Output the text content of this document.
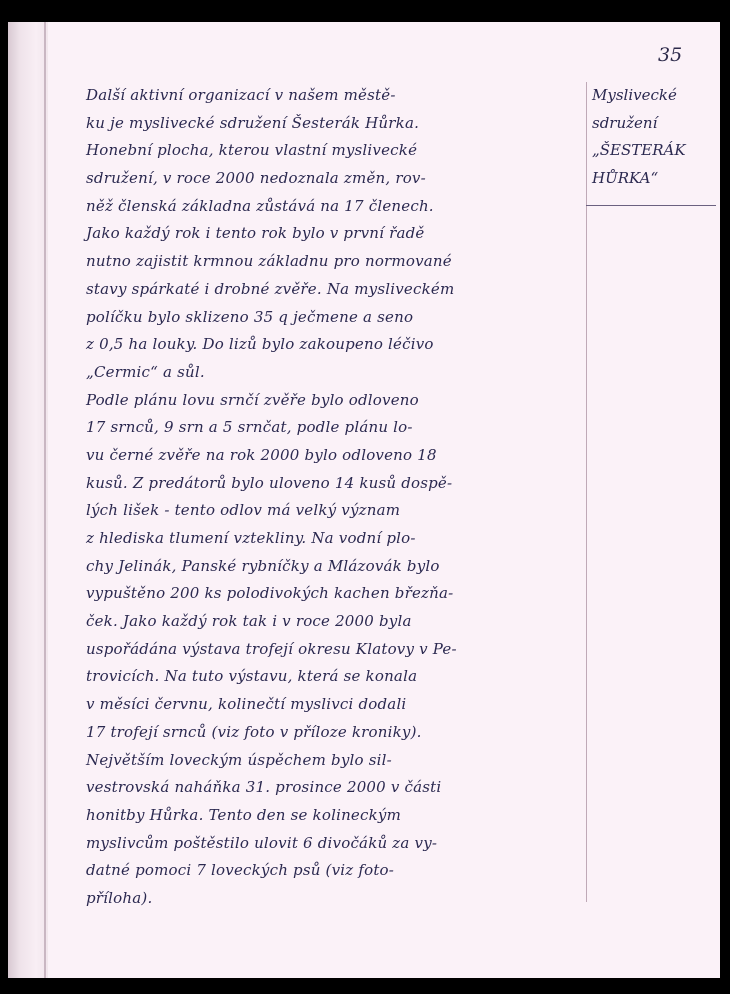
35
Další aktivní organizací v našem městě-
ku je myslivecké sdružení Šesterák Hůrka.
Honební plocha, kterou vlastní myslivecké
sdružení, v roce 2000 nedoznala změn, rov-
něž členská základna zůstává na 17 členech.
Jako každý rok i tento rok bylo v první řadě
nutno zajistit krmnou základnu pro normované
stavy spárkaté i drobné zvěře. Na mysliveckém
políčku bylo sklizeno 35 q ječmene a seno
z 0,5 ha louky. Do lizů bylo zakoupeno léčivo
„Cermic“ a sůl.
Podle plánu lovu srnčí zvěře bylo odloveno
17 srnců, 9 srn a 5 srnčat, podle plánu lo-
vu černé zvěře na rok 2000 bylo odloveno 18
kusů. Z predátorů bylo uloveno 14 kusů dospě-
lých lišek - tento odlov má velký význam
z hlediska tlumení vztekliny. Na vodní plo-
chy Jelinák, Panské rybníčky a Mlázovák bylo
vypuštěno 200 ks polodivokých kachen březňa-
ček. Jako každý rok tak i v roce 2000 byla
uspořádána výstava trofejí okresu Klatovy v Pe-
trovicích. Na tuto výstavu, která se konala
v měsíci červnu, kolinečtí myslivci dodali
17 trofejí srnců (viz foto v příloze kroniky).
Největším loveckým úspěchem bylo sil-
vestrovská naháňka 31. prosince 2000 v části
honitby Hůrka. Tento den se kolineckým
myslivcům poštěstilo ulovit 6 divočáků za vy-
datné pomoci 7 loveckých psů (viz foto-
příloha).
Myslivecké
sdružení
„ŠESTERÁK
HŮRKA“
